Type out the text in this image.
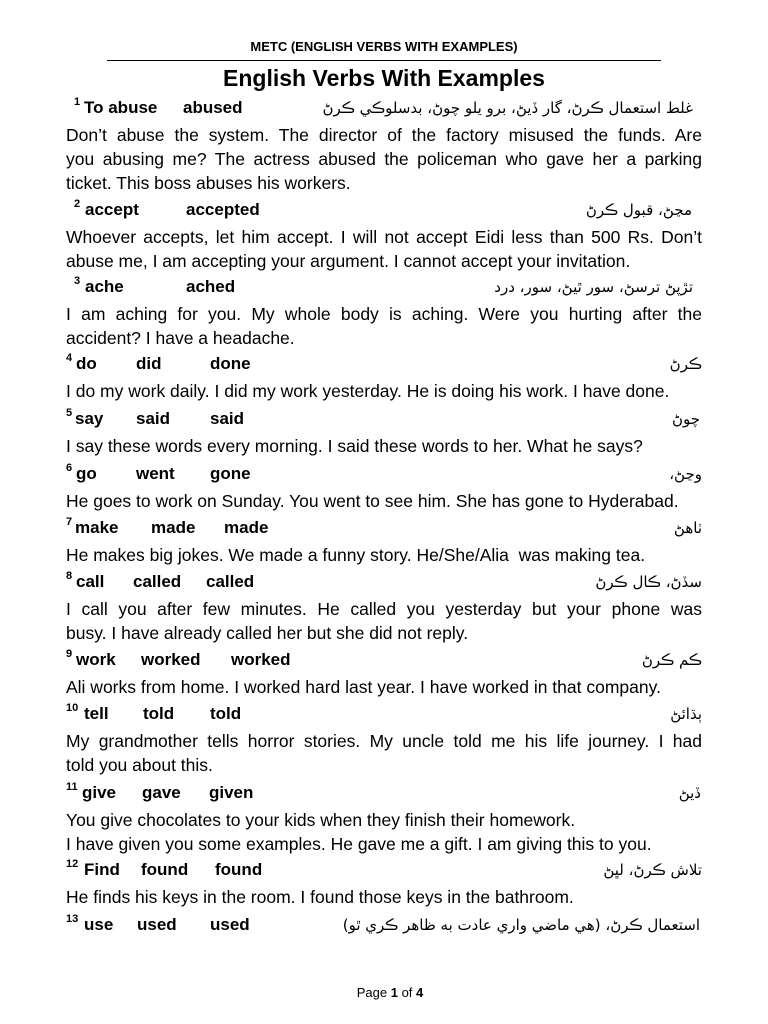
METC (ENGLISH VERBS WITH EXAMPLES)
English Verbs With Examples
1 To abuse abused	غلط استعمال ڪرڻ، گار ڏيڻ، برو يلو چوڻ، بدسلوڪي ڪرڻ
Don’t abuse the system. The director of the factory misused the funds. Are
you abusing me? The actress abused the policeman who gave her a parking
ticket. This boss abuses his workers.
2 accept	accepted	مڃڻ، قبول ڪرڻ
Whoever accepts, let him accept. I will not accept Eidi less than 500 Rs. Don’t
abuse me, I am accepting your argument. I cannot accept your invitation.
3 ache	ached	تڙپڻ ترسڻ، سور ٿيڻ، سور، درد
I am aching for you. My whole body is aching. Were you hurting after the
accident? I have a headache.
4 do did	done	ڪرڻ
I do my work daily. I did my work yesterday. He is doing his work. I have done.
5 say said said	چوڻ
I say these words every morning. I said these words to her. What he says?
6 go went gone	وڃڻ،
He goes to work on Sunday. You went to see him. She has gone to Hyderabad.
7 make made made	ٺاهڻ
He makes big jokes. We made a funny story. He/She/Alia  was making tea.
8 call called called	سڏڻ، ڪال ڪرڻ
I call you after few minutes. He called you yesterday but your phone was
busy. I have already called her but she did not reply.
9 work worked worked	ڪم ڪرڻ
Ali works from home. I worked hard last year. I have worked in that company.
10 tell told told	ٻڌائڻ
My grandmother tells horror stories. My uncle told me his life journey. I had
told you about this.
11 give gave given	ڏيڻ
You give chocolates to your kids when they finish their homework.
I have given you some examples. He gave me a gift. I am giving this to you.
12 Find found found	تلاش ڪرڻ، لڀڻ
He finds his keys in the room. I found those keys in the bathroom.
13 use used used	استعمال ڪرڻ، (هي ماضي واري عادت به ظاهر ڪري ٿو)
Page 1 of 4
